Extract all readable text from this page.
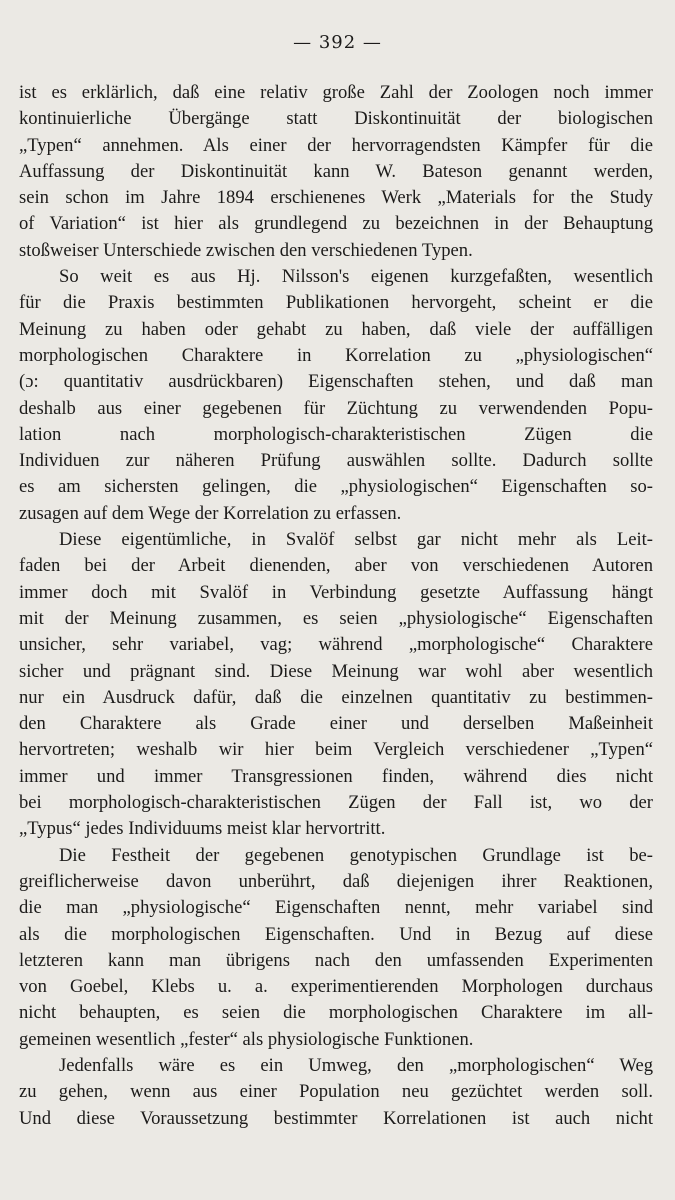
— 392 —
ist es erklärlich, daß eine relativ große Zahl der Zoologen noch immer
kontinuierliche Übergänge statt Diskontinuität der biologischen
„Typen“ annehmen. Als einer der hervorragendsten Kämpfer für die
Auffassung der Diskontinuität kann W. Bateson genannt werden,
sein schon im Jahre 1894 erschienenes Werk „Materials for the Study
of Variation“ ist hier als grundlegend zu bezeichnen in der Behauptung
stoßweiser Unterschiede zwischen den verschiedenen Typen.
So weit es aus Hj. Nilsson's eigenen kurzgefaßten, wesentlich
für die Praxis bestimmten Publikationen hervorgeht, scheint er die
Meinung zu haben oder gehabt zu haben, daß viele der auffälligen
morphologischen Charaktere in Korrelation zu „physiologischen“
(ɔ: quantitativ ausdrückbaren) Eigenschaften stehen, und daß man
deshalb aus einer gegebenen für Züchtung zu verwendenden Popu-
lation nach morphologisch-charakteristischen Zügen die
Individuen zur näheren Prüfung auswählen sollte. Dadurch sollte
es am sichersten gelingen, die „physiologischen“ Eigenschaften so-
zusagen auf dem Wege der Korrelation zu erfassen.
Diese eigentümliche, in Svalöf selbst gar nicht mehr als Leit-
faden bei der Arbeit dienenden, aber von verschiedenen Autoren
immer doch mit Svalöf in Verbindung gesetzte Auffassung hängt
mit der Meinung zusammen, es seien „physiologische“ Eigenschaften
unsicher, sehr variabel, vag; während „morphologische“ Charaktere
sicher und prägnant sind. Diese Meinung war wohl aber wesentlich
nur ein Ausdruck dafür, daß die einzelnen quantitativ zu bestimmen-
den Charaktere als Grade einer und derselben Maßeinheit
hervortreten; weshalb wir hier beim Vergleich verschiedener „Typen“
immer und immer Transgressionen finden, während dies nicht
bei morphologisch-charakteristischen Zügen der Fall ist, wo der
„Typus“ jedes Individuums meist klar hervortritt.
Die Festheit der gegebenen genotypischen Grundlage ist be-
greiflicherweise davon unberührt, daß diejenigen ihrer Reaktionen,
die man „physiologische“ Eigenschaften nennt, mehr variabel sind
als die morphologischen Eigenschaften. Und in Bezug auf diese
letzteren kann man übrigens nach den umfassenden Experimenten
von Goebel, Klebs u. a. experimentierenden Morphologen durchaus
nicht behaupten, es seien die morphologischen Charaktere im all-
gemeinen wesentlich „fester“ als physiologische Funktionen.
Jedenfalls wäre es ein Umweg, den „morphologischen“ Weg
zu gehen, wenn aus einer Population neu gezüchtet werden soll.
Und diese Voraussetzung bestimmter Korrelationen ist auch nicht
